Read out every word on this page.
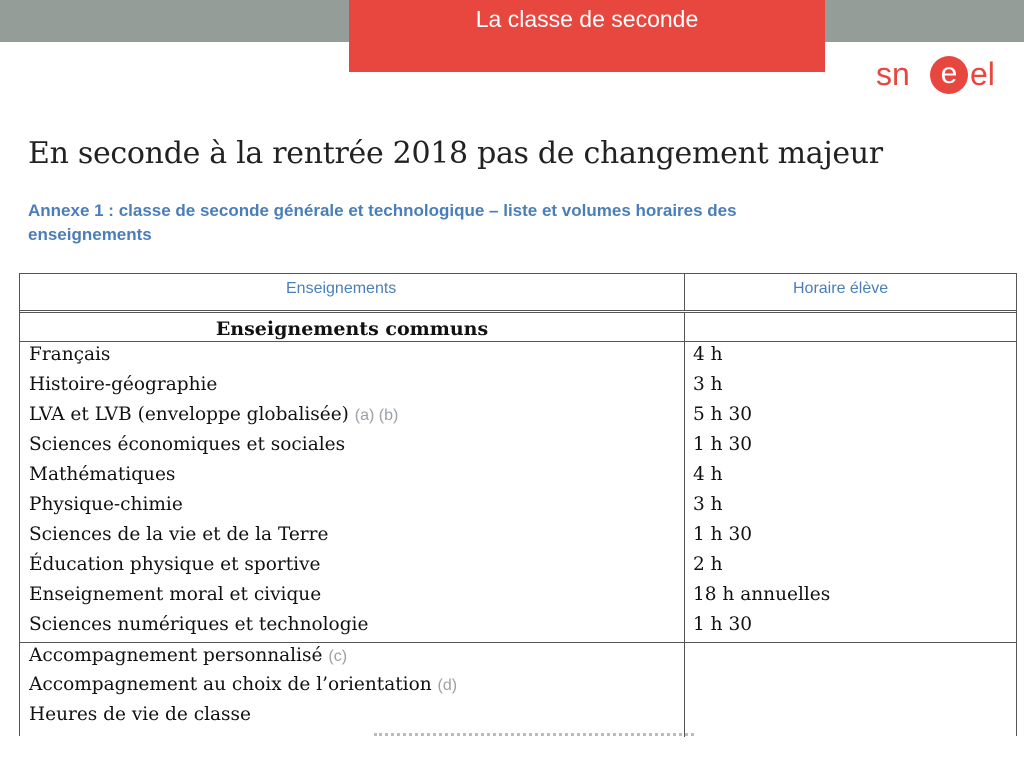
La classe de seconde
sn	e el
En seconde à la rentrée 2018 pas de changement majeur
Annexe 1 : classe de seconde générale et technologique – liste et volumes horaires des
enseignements
Enseignements	Horaire élève
Enseignements communs
Français
Histoire-géographie
LVA et LVB (enveloppe globalisée) (a) (b)
Sciences économiques et sociales
Mathématiques
Physique-chimie
Sciences de la vie et de la Terre
Éducation physique et sportive
Enseignement moral et civique
Sciences numériques et technologie
Accompagnement personnalisé (c)
Accompagnement au choix de l’orientation (d)
Heures de vie de classe
4 h
3 h
5 h 30
1 h 30
4 h
3 h
1 h 30
2 h
18 h annuelles
1 h 30
